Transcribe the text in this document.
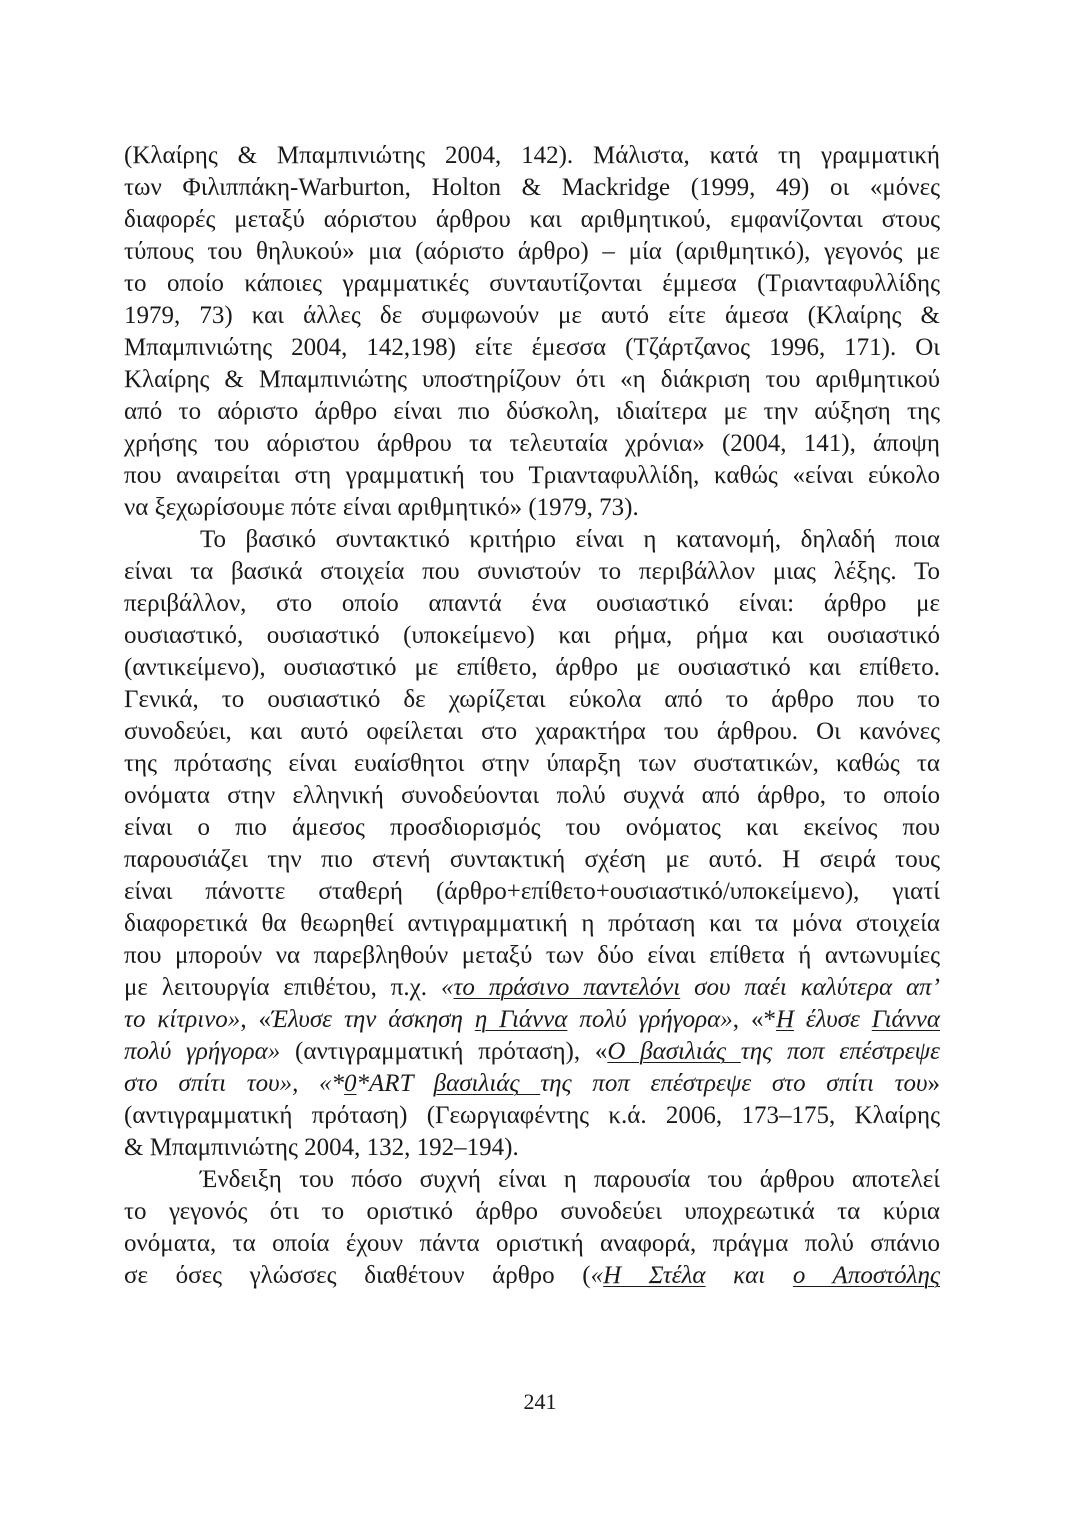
(Κλαίρης & Μπαμπινιώτης 2004, 142). Μάλιστα, κατά τη γραμματική
των Φιλιππάκη-Warburton, Holton & Mackridge (1999, 49) οι «μόνες
διαφορές μεταξύ αόριστου άρθρου και αριθμητικού, εμφανίζονται στους
τύπους του θηλυκού» μια (αόριστο άρθρο) – μία (αριθμητικό), γεγονός με
το οποίο κάποιες γραμματικές συνταυτίζονται έμμεσα (Τριανταφυλλίδης
1979, 73) και άλλες δε συμφωνούν με αυτό είτε άμεσα (Κλαίρης &
Μπαμπινιώτης 2004, 142,198) είτε έμεσσα (Τζάρτζανος 1996, 171). Οι
Κλαίρης & Μπαμπινιώτης υποστηρίζουν ότι «η διάκριση του αριθμητικού
από το αόριστο άρθρο είναι πιο δύσκολη, ιδιαίτερα με την αύξηση της
χρήσης του αόριστου άρθρου τα τελευταία χρόνια» (2004, 141), άποψη
που αναιρείται στη γραμματική του Τριανταφυλλίδη, καθώς «είναι εύκολο
να ξεχωρίσουμε πότε είναι αριθμητικό» (1979, 73).
Το βασικό συντακτικό κριτήριο είναι η κατανομή, δηλαδή ποια
είναι τα βασικά στοιχεία που συνιστούν το περιβάλλον μιας λέξης. Το
περιβάλλον, στο οποίο απαντά ένα ουσιαστικό είναι: άρθρο με
ουσιαστικό, ουσιαστικό (υποκείμενο) και ρήμα, ρήμα και ουσιαστικό
(αντικείμενο), ουσιαστικό με επίθετο, άρθρο με ουσιαστικό και επίθετο.
Γενικά, το ουσιαστικό δε χωρίζεται εύκολα από το άρθρο που το
συνοδεύει, και αυτό οφείλεται στο χαρακτήρα του άρθρου. Οι κανόνες
της πρότασης είναι ευαίσθητοι στην ύπαρξη των συστατικών, καθώς τα
ονόματα στην ελληνική συνοδεύονται πολύ συχνά από άρθρο, το οποίο
είναι ο πιο άμεσος προσδιορισμός του ονόματος και εκείνος που
παρουσιάζει την πιο στενή συντακτική σχέση με αυτό. Η σειρά τους
είναι πάνοττε σταθερή (άρθρο+επίθετο+ουσιαστικό/υποκείμενο), γιατί
διαφορετικά θα θεωρηθεί αντιγραμματική η πρόταση και τα μόνα στοιχεία
που μπορούν να παρεβληθούν μεταξύ των δύο είναι επίθετα ή αντωνυμίες
με λειτουργία επιθέτου, π.χ. «το πράσινο παντελόνι σου παέι καλύτερα απ’
το κίτρινο», «Έλυσε την άσκηση η Γιάννα πολύ γρήγορα», «*Η έλυσε Γιάννα
πολύ γρήγορα» (αντιγραμματική πρόταση), «Ο βασιλιάς της ποπ επέστρεψε
στο σπίτι του», «*0*ART βασιλιάς της ποπ επέστρεψε στο σπίτι του»
(αντιγραμματική πρόταση) (Γεωργιαφέντης κ.ά. 2006, 173–175, Κλαίρης
& Μπαμπινιώτης 2004, 132, 192–194).
Ένδειξη του πόσο συχνή είναι η παρουσία του άρθρου αποτελεί
το γεγονός ότι το οριστικό άρθρο συνοδεύει υποχρεωτικά τα κύρια
ονόματα, τα οποία έχουν πάντα οριστική αναφορά, πράγμα πολύ σπάνιο
σε όσες γλώσσες διαθέτουν άρθρο («Η Στέλα και ο Αποστόλης
241
